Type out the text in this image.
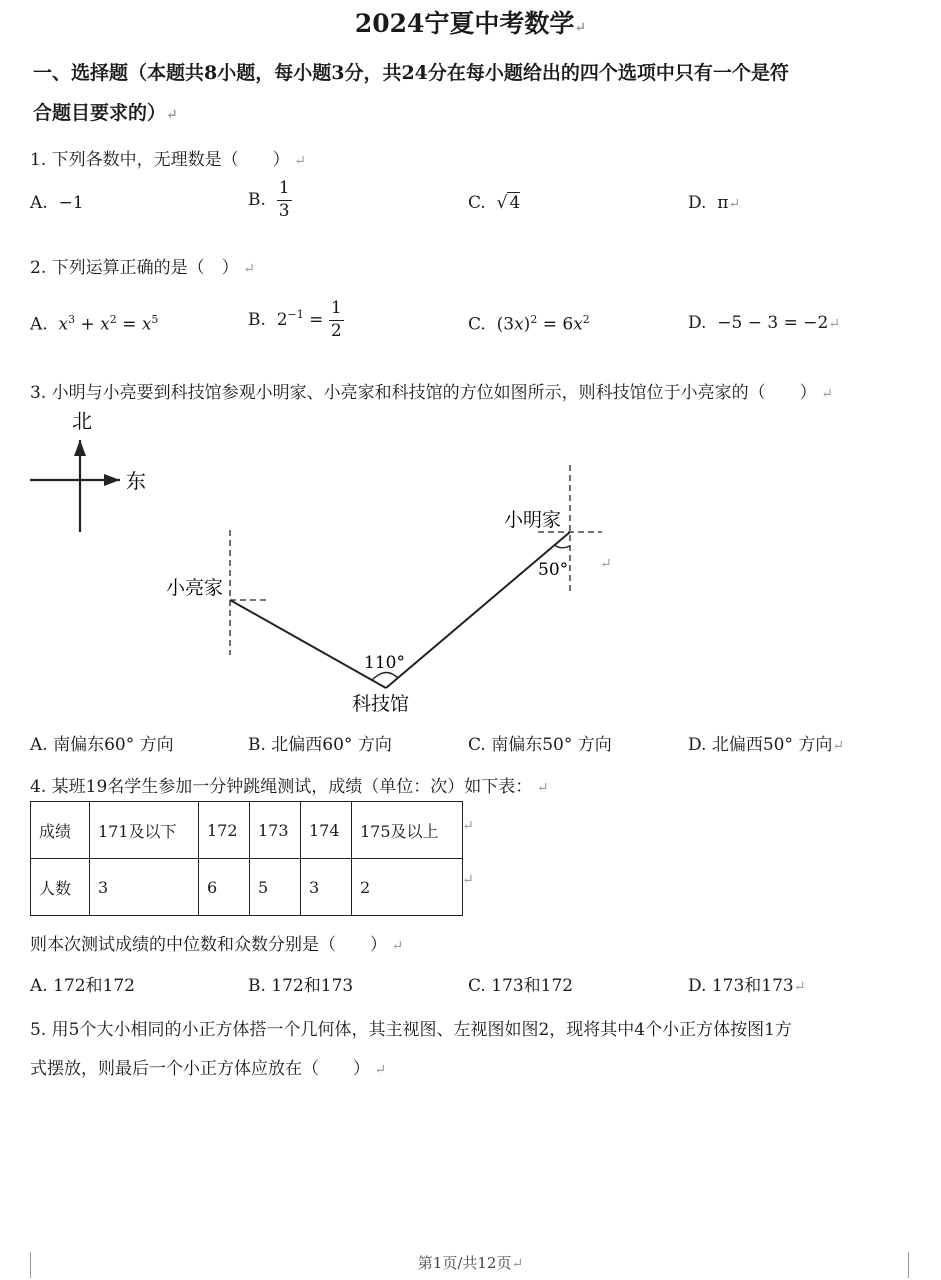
2024宁夏中考数学↵
一、选择题（本题共8小题，每小题3分，共24分在每小题给出的四个选项中只有一个是符
合题目要求的）↵
1. 下列各数中，无理数是（　　） ↵
A. −1	B. $\frac{1}{3}$	C.  √ 4	D. π↵
2. 下列运算正确的是（　） ↵
A. $x^3 + x^2 = x^5$	B.  $2^{-1} = \frac{1}{2}$	C.  $(3x)^2 = 6x^2$	D. −5 − 3 = −2↵
3. 小明与小亮要到科技馆参观小明家、小亮家和科技馆的方位如图所示，则科技馆位于小亮家的（　　） ↵
北
东
小明家
小亮家
科技馆
110°
50° ↵
A. 南偏东60° 方向	B. 北偏西60° 方向	C. 南偏东50° 方向	D. 北偏西50° 方向↵
4. 某班19名学生参加一分钟跳绳测试，成绩（单位：次）如下表： ↵
成绩	171及以下	172	173	174	175及以上
人数	3	6	5	3	2
↵
↵
则本次测试成绩的中位数和众数分别是（　　） ↵
A. 172和172	B. 172和173	C. 173和172	D. 173和173↵
5. 用5个大小相同的小正方体搭一个几何体，其主视图、左视图如图2，现将其中4个小正方体按图1方
式摆放，则最后一个小正方体应放在（　　） ↵
第1页/共12页↵
